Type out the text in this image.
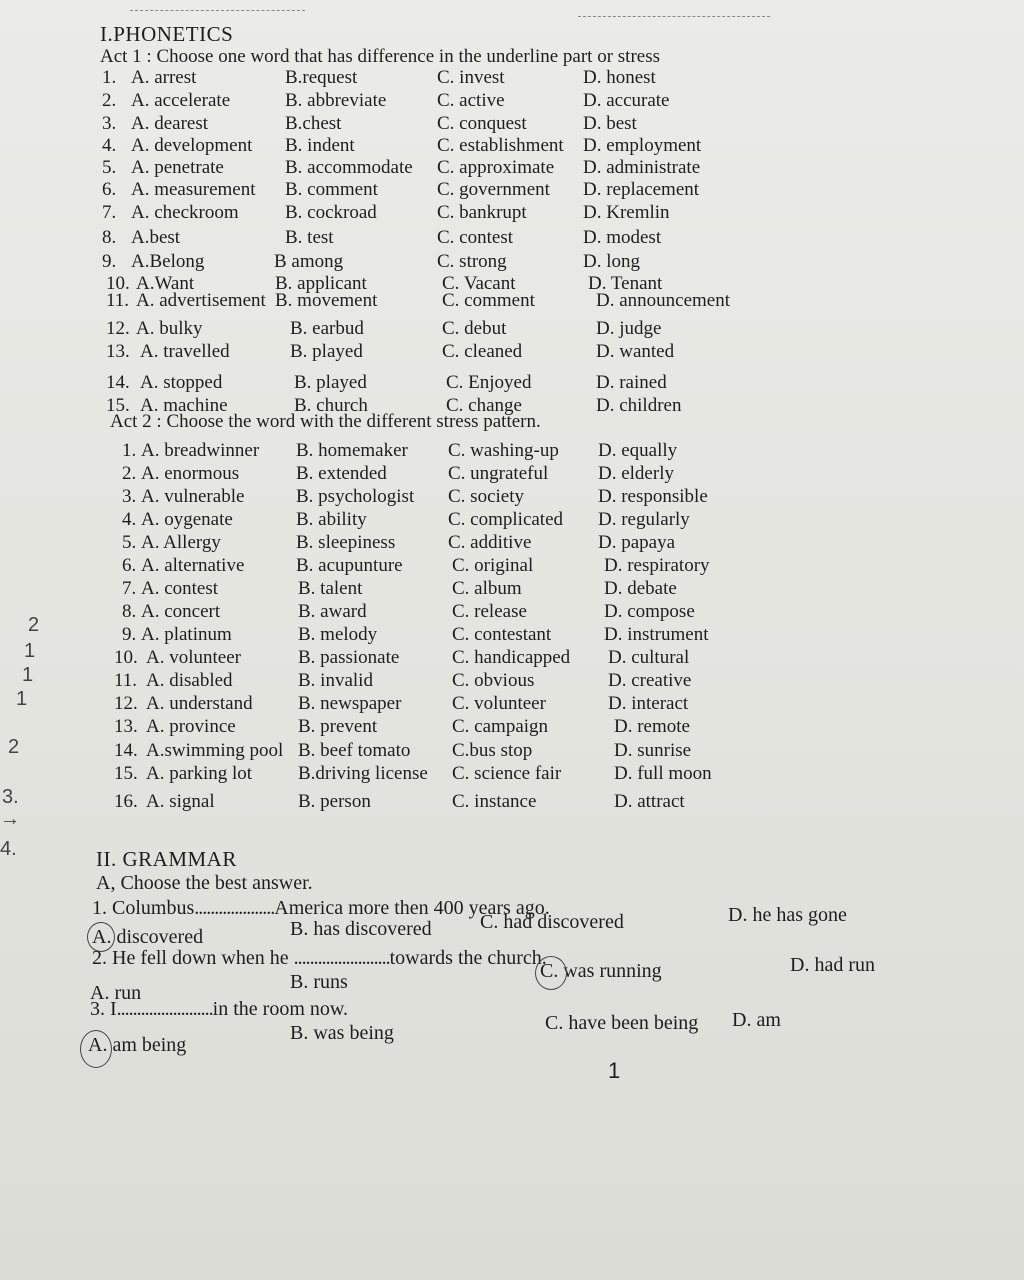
I.PHONETICS
Act 1 : Choose one word that has difference in the underline part or stress
1. A. arrest	B.request	C. invest	D. honest
2. A. accelerate	B. abbreviate	C. active	D. accurate
3. A. dearest	B.chest	C. conquest	D. best
4. A. development B. indent	C. establishment D. employment
5. A. penetrate	B. accommodate C. approximate D. administrate
6. A. measurement B. comment	C. government D. replacement
7. A. checkroom B. cockroad	C. bankrupt	D. Kremlin
8. A.best	B. test	C. contest	D. modest
9. A.Belong	B among	C. strong	D. long
10. A.Want	B. applicant	C. Vacant	D. Tenant
11. A. advertisement B. movement	C. comment	D. announcement
12. A. bulky	B. earbud	C. debut	D. judge
13. A. travelled	B. played	C. cleaned	D. wanted
14. A. stopped	B. played	C. Enjoyed	D. rained
15. A. machine	B. church	C. change	D. children
Act 2 : Choose the word with the different stress pattern.
1. A. breadwinner B. homemaker C. washing-up D. equally
2. A. enormous	B. extended	C. ungrateful	D. elderly
3. A. vulnerable	B. psychologist C. society	D. responsible
4. A. oygenate	B. ability	C. complicated D. regularly
5. A. Allergy	B. sleepiness	C. additive	D. papaya
6. A. alternative	B. acupunture	C. original	D. respiratory
7. A. contest	B. talent	C. album	D. debate
8. A. concert	B. award	C. release	D. compose
9. A. platinum	B. melody	C. contestant	D. instrument
10. A. volunteer	B. passionate	C. handicapped D. cultural
11. A. disabled	B. invalid	C. obvious	D. creative
12. A. understand B. newspaper	C. volunteer	D. interact
13. A. province	B. prevent	C. campaign	D. remote
14. A.swimming pool B. beef tomato C.bus stop	D. sunrise
15. A. parking lot B.driving license C. science fair	D. full moon
16. A. signal	B. person	C. instance	D. attract
II. GRAMMAR
A, Choose the best answer.
1. Columbus....................America more then 400 years ago.
A. discovered	B. has discovered C. had discovered	D. he has gone
2. He fell down when he ........................towards the church.
A. run	B. runs	C. was running	D. had run
3. I........................in the room now.
A. am being
B. was being	C. have been being D. am
1
2
1
1
1
2
3.
→
4.
